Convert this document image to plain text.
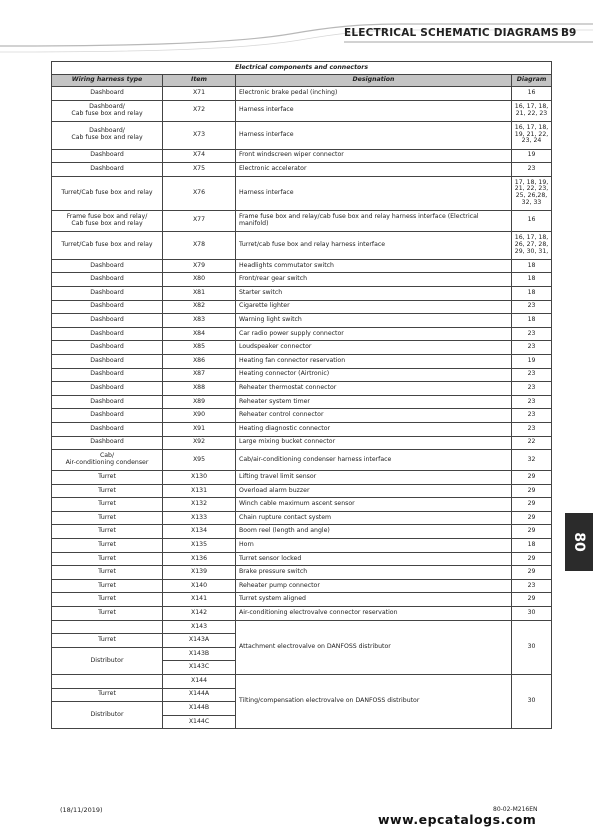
ELECTRICAL SCHEMATIC DIAGRAMS B9
80
Electrical components and connectors			
Wiring harness type	Item	Designation	Diagram
Dashboard	X71	Electronic brake pedal (inching)	16
Dashboard/
Cab fuse box and relay	X72	Harness interface	16, 17, 18,
21, 22, 23
Dashboard/
Cab fuse box and relay	X73	Harness interface	16, 17, 18,
19, 21, 22,
23, 24
Dashboard	X74	Front windscreen wiper connector	19
Dashboard	X75	Electronic accelerator	23
Turret/Cab fuse box and relay	X76	Harness interface	17, 18, 19,
21, 22, 23,
25, 26,28,
32, 33
Frame fuse box and relay/
Cab fuse box and relay	X77	Frame fuse box and relay/cab fuse box and relay harness interface (Electrical manifold)	16
Turret/Cab fuse box and relay	X78	Turret/cab fuse box and relay harness interface	16, 17, 18,
26, 27, 28,
29, 30, 31,
Dashboard	X79	Headlights commutator switch	18
Dashboard	X80	Front/rear gear switch	18
Dashboard	X81	Starter switch	18
Dashboard	X82	Cigarette lighter	23
Dashboard	X83	Warning light switch	18
Dashboard	X84	Car radio power supply connector	23
Dashboard	X85	Loudspeaker connector	23
Dashboard	X86	Heating fan connector reservation	19
Dashboard	X87	Heating connector (Airtronic)	23
Dashboard	X88	Reheater thermostat connector	23
Dashboard	X89	Reheater system timer	23
Dashboard	X90	Reheater control connector	23
Dashboard	X91	Heating diagnostic connector	23
Dashboard	X92	Large mixing bucket connector	22
Cab/
Air-conditioning condenser	X95	Cab/air-conditioning condenser harness interface	32
Turret	X130	Lifting travel limit sensor	29
Turret	X131	Overload alarm buzzer	29
Turret	X132	Winch cable maximum ascent sensor	29
Turret	X133	Chain rupture contact system	29
Turret	X134	Boom reel (length and angle)	29
Turret	X135	Horn	18
Turret	X136	Turret sensor locked	29
Turret	X139	Brake pressure switch	29
Turret	X140	Reheater pump connector	23
Turret	X141	Turret system aligned	29
Turret	X142	Air-conditioning electrovalve connector reservation	30
	X143	Attachment electrovalve on DANFOSS distributor	30
Turret	X143A		
Distributor	X143B		
	X143C		
	X144	Tilting/compensation electrovalve on DANFOSS distributor	30
Turret	X144A		
Distributor	X144B		
	X144C		
(18/11/2019)	80-02-M216EN
www.epcatalogs.com
